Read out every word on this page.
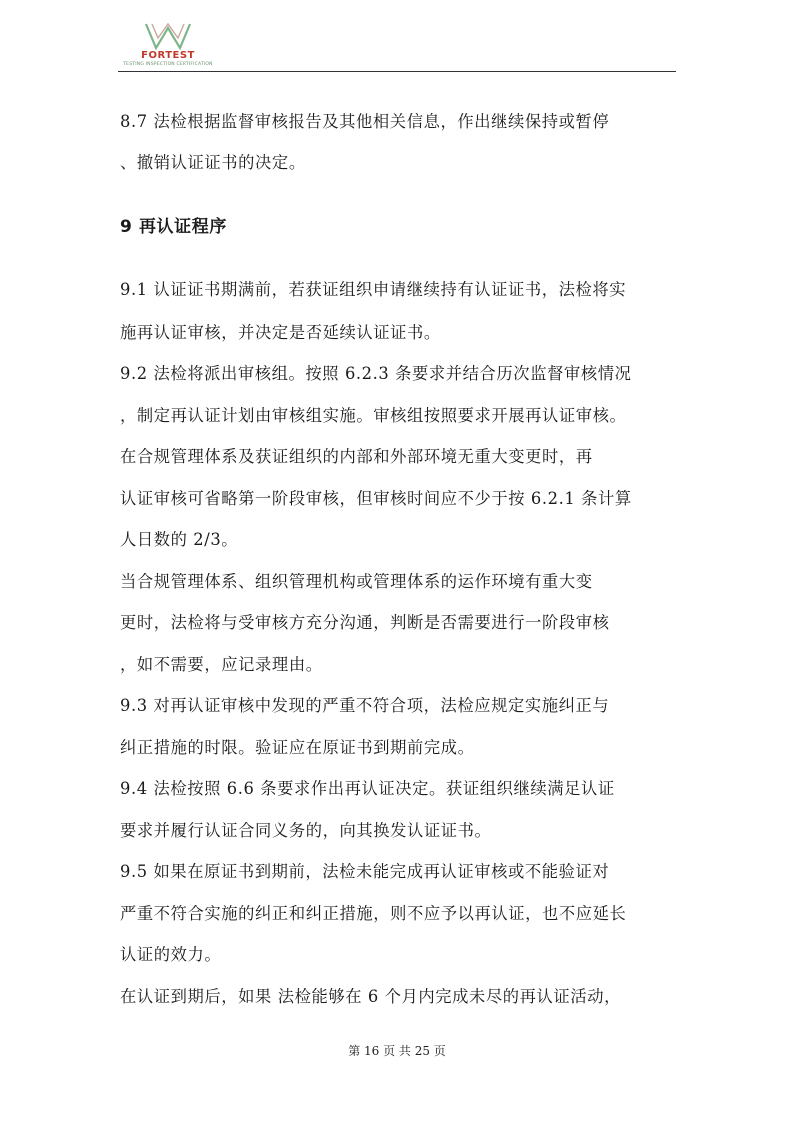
FORTEST
TESTING INSPECTION CERTIFICATION
8.7 法检根据监督审核报告及其他相关信息，作出继续保持或暂停
、撤销认证证书的决定。
9 再认证程序
9.1 认证证书期满前，若获证组织申请继续持有认证证书，法检将实
施再认证审核，并决定是否延续认证证书。
9.2 法检将派出审核组。按照 6.2.3 条要求并结合历次监督审核情况
，制定再认证计划由审核组实施。审核组按照要求开展再认证审核。
在合规管理体系及获证组织的内部和外部环境无重大变更时，再
认证审核可省略第一阶段审核，但审核时间应不少于按 6.2.1 条计算
人日数的 2/3。
当合规管理体系、组织管理机构或管理体系的运作环境有重大变
更时，法检将与受审核方充分沟通，判断是否需要进行一阶段审核
，如不需要，应记录理由。
9.3 对再认证审核中发现的严重不符合项，法检应规定实施纠正与
纠正措施的时限。验证应在原证书到期前完成。
9.4 法检按照 6.6 条要求作出再认证决定。获证组织继续满足认证
要求并履行认证合同义务的，向其换发认证证书。
9.5 如果在原证书到期前，法检未能完成再认证审核或不能验证对
严重不符合实施的纠正和纠正措施，则不应予以再认证，也不应延长
认证的效力。
在认证到期后，如果 法检能够在 6 个月内完成未尽的再认证活动，
第 16 页 共 25 页
